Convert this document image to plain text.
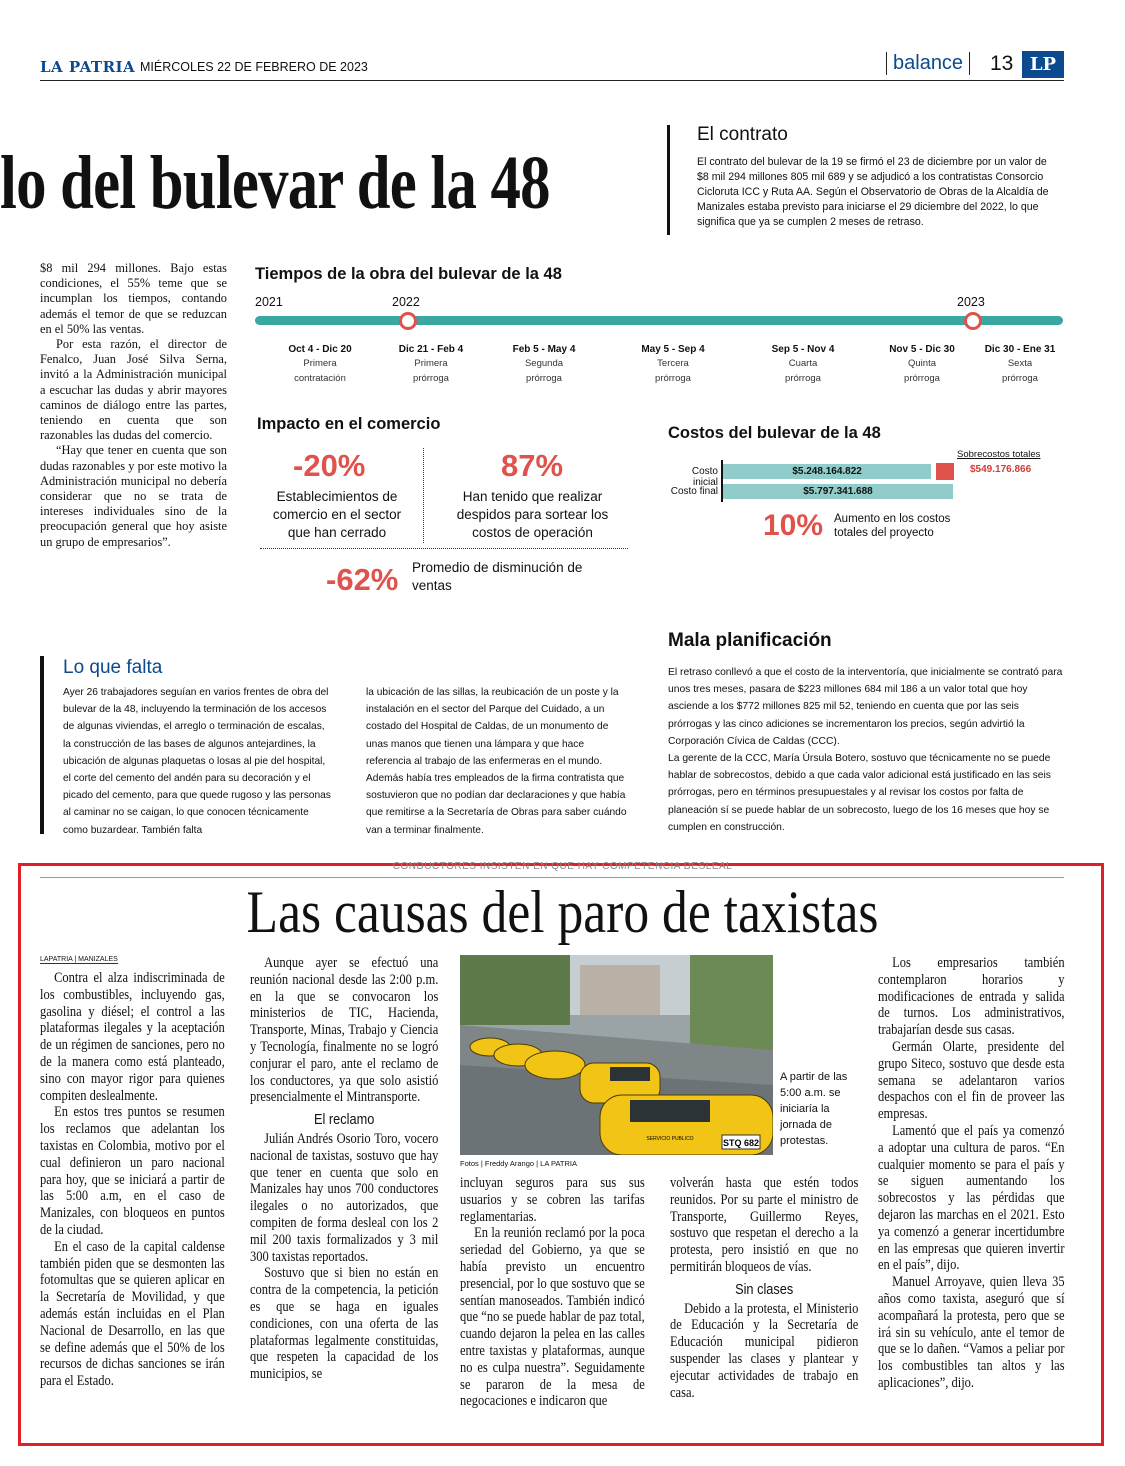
LA PATRIA MIÉRCOLES 22 DE FEBRERO DE 2023	balance	13 LP
lo del bulevar de la 48
El contrato
El contrato del bulevar de la 19 se firmó el 23 de diciembre por un valor de $8 mil 294 millones 805 mil 689 y se adjudicó a los contratistas Consorcio Cicloruta ICC y Ruta AA. Según el Observatorio de Obras de la Alcaldía de Manizales estaba previsto para iniciarse el 29 diciembre del 2022, lo que significa que ya se cumplen 2 meses de retraso.

$8 mil 294 millones. Bajo estas condiciones, el 55% teme que se incumplan los tiempos, contando además el temor de que se reduzcan en el 50% las ventas.

Por esta razón, el director de Fenalco, Juan José Silva Serna, invitó a la Administración municipal a escuchar las dudas y abrir mayores caminos de diálogo entre las partes, teniendo en cuenta que son razonables las dudas del comercio.

“Hay que tener en cuenta que son dudas razonables y por este motivo la Administración municipal no debería considerar que no se trata de intereses individuales sino de la preocupación general que hoy asiste un grupo de empresarios”.

Tiempos de la obra del bulevar de la 48
2021	2022	2023
Oct 4 - Dic 20
Primera
contratación
Dic 21 - Feb 4
Primera
prórroga
Feb 5 - May 4
Segunda
prórroga
May 5 - Sep 4
Tercera
prórroga
Sep 5 - Nov 4
Cuarta
prórroga
Nov 5 - Dic 30
Quinta
prórroga
Dic 30 - Ene 31
Sexta
prórroga
Impacto en el comercio
-20%
Establecimientos de comercio en el sector que han cerrado
87%
Han tenido que realizar despidos para sortear los costos de operación
-62% Promedio de disminución de ventas
Costos del bulevar de la 48
Costo inicial
Costo final
$5.248.164.822
$5.797.341.688
Sobrecostos totales
$549.176.866
10% Aumento en los costos totales del proyecto
Mala planificación
El retraso conllevó a que el costo de la interventoría, que inicialmente se contrató para unos tres meses, pasara de $223 millones 684 mil 186 a un valor total que hoy asciende a los $772 millones 825 mil 52, teniendo en cuenta que por las seis prórrogas y las cinco adiciones se incrementaron los precios, según advirtió la Corporación Cívica de Caldas (CCC).
La gerente de la CCC, María Úrsula Botero, sostuvo que técnicamente no se puede hablar de sobrecostos, debido a que cada valor adicional está justificado en las seis prórrogas, pero en términos presupuestales y al revisar los costos por falta de planeación sí se puede hablar de un sobrecosto, luego de los 16 meses que hoy se cumplen en construcción.
Lo que falta
Ayer 26 trabajadores seguían en varios frentes de obra del bulevar de la 48, incluyendo la terminación de los accesos de algunas viviendas, el arreglo o terminación de escalas, la construcción de las bases de algunos antejardines, la ubicación de algunas plaquetas o losas al pie del hospital, el corte del cemento del andén para su decoración y el picado del cemento, para que quede rugoso y las personas al caminar no se caigan, lo que conocen técnicamente como buzardear. También falta
la ubicación de las sillas, la reubicación de un poste y la instalación en el sector del Parque del Cuidado, a un costado del Hospital de Caldas, de un monumento de unas manos que tienen una lámpara y que hace referencia al trabajo de las enfermeras en el mundo. Además había tres empleados de la firma contratista que sostuvieron que no podían dar declaraciones y que había que remitirse a la Secretaría de Obras para saber cuándo van a terminar finalmente.
CONDUCTORES INSISTEN EN QUE HAY COMPETENCIA DESLEAL
Las causas del paro de taxistas
LAPATRIA | MANIZALES

Contra el alza indiscriminada de los combustibles, incluyendo gas, gasolina y diésel; el control a las plataformas ilegales y la aceptación de un régimen de sanciones, pero no de la manera como está planteado, sino con mayor rigor para quienes compiten deslealmente.

En estos tres puntos se resumen los reclamos que adelantan los taxistas en Colombia, motivo por el cual definieron un paro nacional para hoy, que se iniciará a partir de las 5:00 a.m, en el caso de Manizales, con bloqueos en puntos de la ciudad.

En el caso de la capital caldense también piden que se desmonten las fotomultas que se quieren aplicar en la Secretaría de Movilidad, y que además están incluidas en el Plan Nacional de Desarrollo, en las que se define además que el 50% de los recursos de dichas sanciones se irán para el Estado.

Aunque ayer se efectuó una reunión nacional desde las 2:00 p.m. en la que se convocaron los ministerios de TIC, Hacienda, Transporte, Minas, Trabajo y Ciencia y Tecnología, finalmente no se logró conjurar el paro, ante el reclamo de los conductores, ya que solo asistió presencialmente el Mintransporte.

El reclamo

Julián Andrés Osorio Toro, vocero nacional de taxistas, sostuvo que hay que tener en cuenta que solo en Manizales hay unos 700 conductores ilegales o no autorizados, que compiten de forma desleal con los 2 mil 200 taxis formalizados y 3 mil 300 taxistas reportados.

Sostuvo que si bien no están en contra de la competencia, la petición es que se haga en iguales condiciones, con una oferta de las plataformas legalmente constituidas, que respeten la capacidad de los municipios, se

STQ 682
SERVICIO PUBLICO
A partir de las 5:00 a.m. se iniciaría la jornada de protestas.
Fotos | Freddy Arango | LA PATRIA

incluyan seguros para sus sus usuarios y se cobren las tarifas reglamentarias.

En la reunión reclamó por la poca seriedad del Gobierno, ya que se había previsto un encuentro presencial, por lo que sostuvo que se sentían manoseados. También indicó que “no se puede hablar de paz total, cuando dejaron la pelea en las calles entre taxistas y plataformas, aunque no es culpa nuestra”. Seguidamente se pararon de la mesa de negocaciones e indicaron que

volverán hasta que estén todos reunidos. Por su parte el ministro de Transporte, Guillermo Reyes, sostuvo que respetan el derecho a la protesta, pero insistió en que no permitirán bloqueos de vías.

Sin clases

Debido a la protesta, el Ministerio de Educación y la Secretaría de Educación municipal pidieron suspender las clases y plantear y ejecutar actividades de trabajo en casa.

Los empresarios también contemplaron horarios y modificaciones de entrada y salida de turnos. Los administrativos, trabajarían desde sus casas.

Germán Olarte, presidente del grupo Siteco, sostuvo que desde esta semana se adelantaron varios despachos con el fin de proveer las empresas.

Lamentó que el país ya comenzó a adoptar una cultura de paros. “En cualquier momento se para el país y se siguen aumentando los sobrecostos y las pérdidas que dejaron las marchas en el 2021. Esto ya comenzó a generar incertidumbre en las empresas que quieren invertir en el país”, dijo.

Manuel Arroyave, quien lleva 35 años como taxista, aseguró que sí acompañará la protesta, pero que se irá sin su vehículo, ante el temor de que se lo dañen. “Vamos a peliar por los combustibles tan altos y las aplicaciones”, dijo.
